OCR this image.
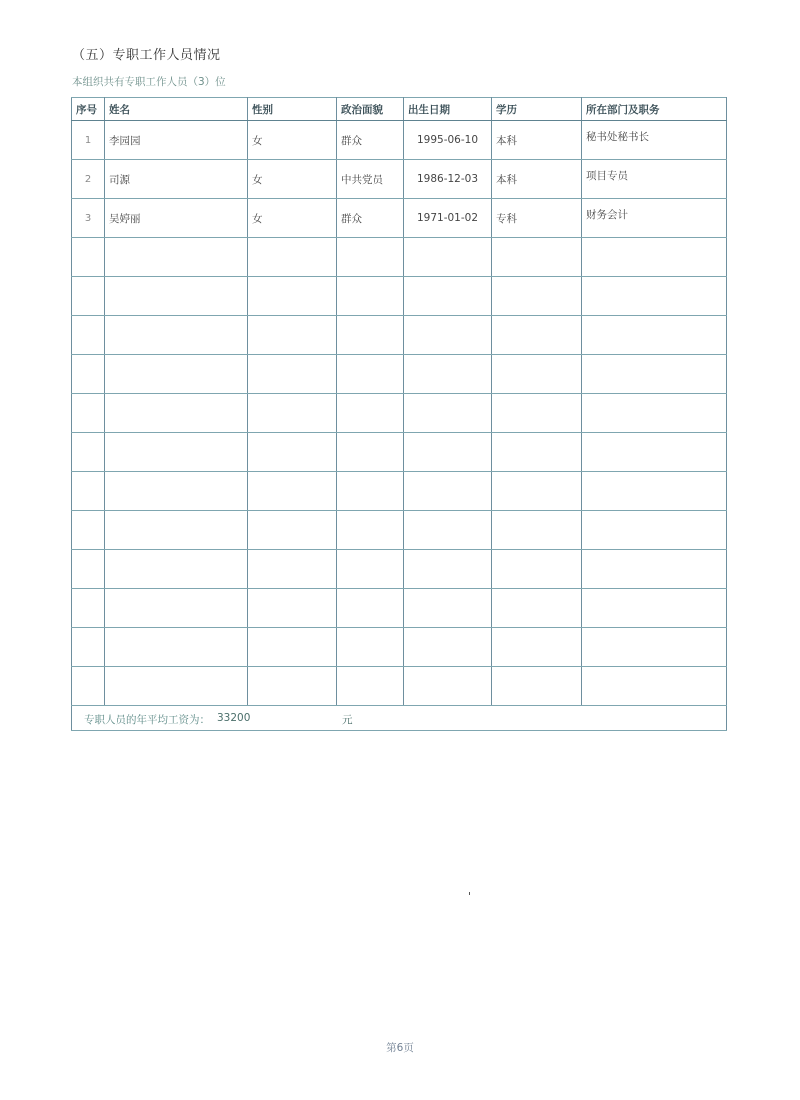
（五）专职工作人员情况
本组织共有专职工作人员（3）位
序号	姓名	性别	政治面貌	出生日期	学历	所在部门及职务
1	李园园	女	群众	1995-06-10	本科	秘书处秘书长
2	司源	女	中共党员	1986-12-03	本科	项目专员
3	吴婷丽	女	群众	1971-01-02	专科	财务会计

专职人员的年平均工资为： 33200 元						
第6页
